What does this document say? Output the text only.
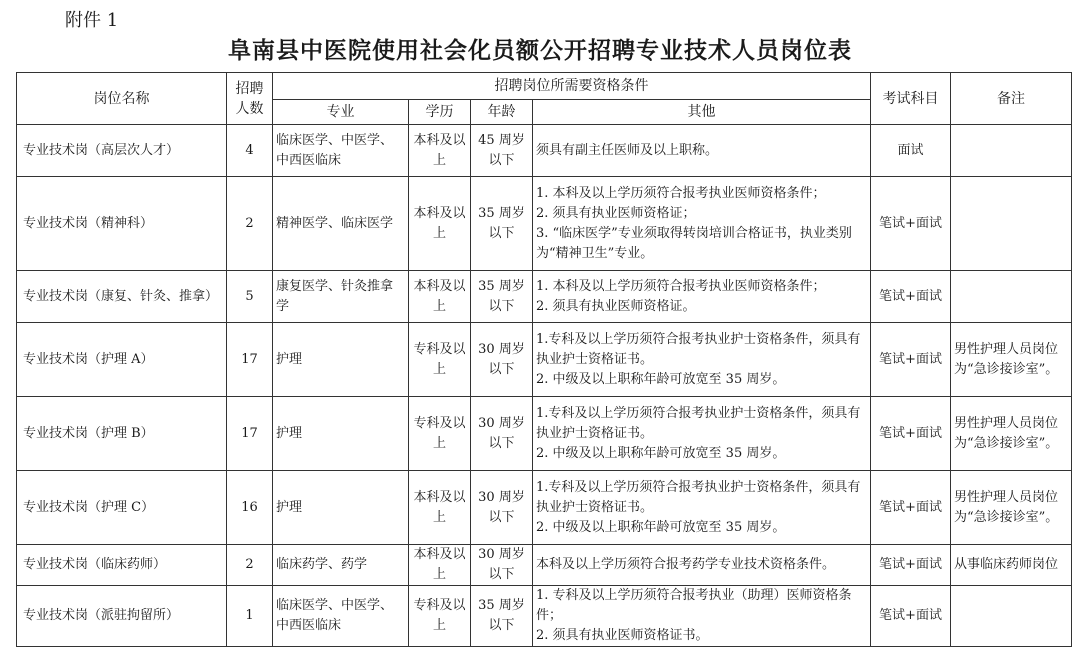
附件 1
阜南县中医院使用社会化员额公开招聘专业技术人员岗位表
岗位名称	招聘人数	招聘岗位所需要资格条件				考试科目	备注
		专业	学历	年龄	其他		
专业技术岗（高层次人才）	4	临床医学、中医学、中西医临床	本科及以上	45 周岁以下	须具有副主任医师及以上职称。	面试	
专业技术岗（精神科）	2	精神医学、临床医学	本科及以上	35 周岁以下	1. 本科及以上学历须符合报考执业医师资格条件；
2. 须具有执业医师资格证；
3. “临床医学”专业须取得转岗培训合格证书，执业类别为“精神卫生”专业。	笔试+面试	
专业技术岗（康复、针灸、推拿）	5	康复医学、针灸推拿学	本科及以上	35 周岁以下	1. 本科及以上学历须符合报考执业医师资格条件；
2. 须具有执业医师资格证。	笔试+面试	
专业技术岗（护理 A）	17	护理	专科及以上	30 周岁以下	1.专科及以上学历须符合报考执业护士资格条件，须具有执业护士资格证书。
2. 中级及以上职称年龄可放宽至 35 周岁。	笔试+面试	男性护理人员岗位为“急诊接诊室”。
专业技术岗（护理 B）	17	护理	专科及以上	30 周岁以下	1.专科及以上学历须符合报考执业护士资格条件，须具有执业护士资格证书。
2. 中级及以上职称年龄可放宽至 35 周岁。	笔试+面试	男性护理人员岗位为“急诊接诊室”。
专业技术岗（护理 C）	16	护理	本科及以上	30 周岁以下	1.专科及以上学历须符合报考执业护士资格条件，须具有执业护士资格证书。
2. 中级及以上职称年龄可放宽至 35 周岁。	笔试+面试	男性护理人员岗位为“急诊接诊室”。
专业技术岗（临床药师）	2	临床药学、药学	本科及以上	30 周岁以下	本科及以上学历须符合报考药学专业技术资格条件。	笔试+面试	从事临床药师岗位
专业技术岗（派驻拘留所）	1	临床医学、中医学、中西医临床	专科及以上	35 周岁以下	1. 专科及以上学历须符合报考执业（助理）医师资格条件；
2. 须具有执业医师资格证书。	笔试+面试	
